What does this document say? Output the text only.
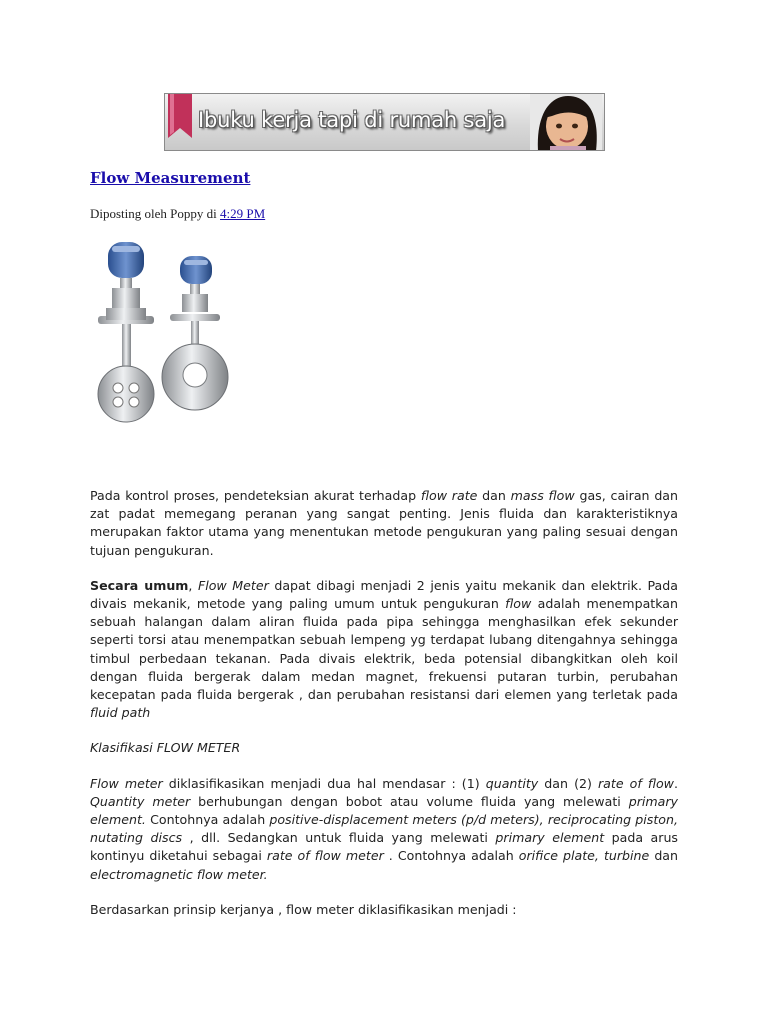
Ibuku kerja tapi di rumah saja
Flow Measurement
Diposting oleh Poppy di 4:29 PM

Pada kontrol proses, pendeteksian akurat terhadap flow rate dan mass flow gas, cairan dan zat padat memegang peranan yang sangat penting. Jenis fluida dan karakteristiknya merupakan faktor utama yang menentukan metode pengukuran yang paling sesuai dengan tujuan pengukuran.

Secara umum, Flow Meter dapat dibagi menjadi 2 jenis yaitu mekanik dan elektrik. Pada divais mekanik, metode yang paling umum untuk pengukuran flow adalah menempatkan sebuah halangan dalam aliran fluida pada pipa sehingga menghasilkan efek sekunder seperti torsi atau menempatkan sebuah lempeng yg terdapat lubang ditengahnya sehingga timbul perbedaan tekanan. Pada divais elektrik, beda potensial dibangkitkan oleh koil dengan fluida bergerak dalam medan magnet, frekuensi putaran turbin, perubahan kecepatan pada fluida bergerak , dan perubahan resistansi dari elemen yang terletak pada fluid path

Klasifikasi FLOW METER

Flow meter diklasifikasikan menjadi dua hal mendasar : (1) quantity dan (2) rate of flow. Quantity meter berhubungan dengan bobot atau volume fluida yang melewati primary element. Contohnya adalah positive-displacement meters (p/d meters), reciprocating piston, nutating discs , dll. Sedangkan untuk fluida yang melewati primary element pada arus kontinyu diketahui sebagai rate of flow meter . Contohnya adalah orifice plate, turbine dan electromagnetic flow meter.

Berdasarkan prinsip kerjanya , flow meter diklasifikasikan menjadi :
